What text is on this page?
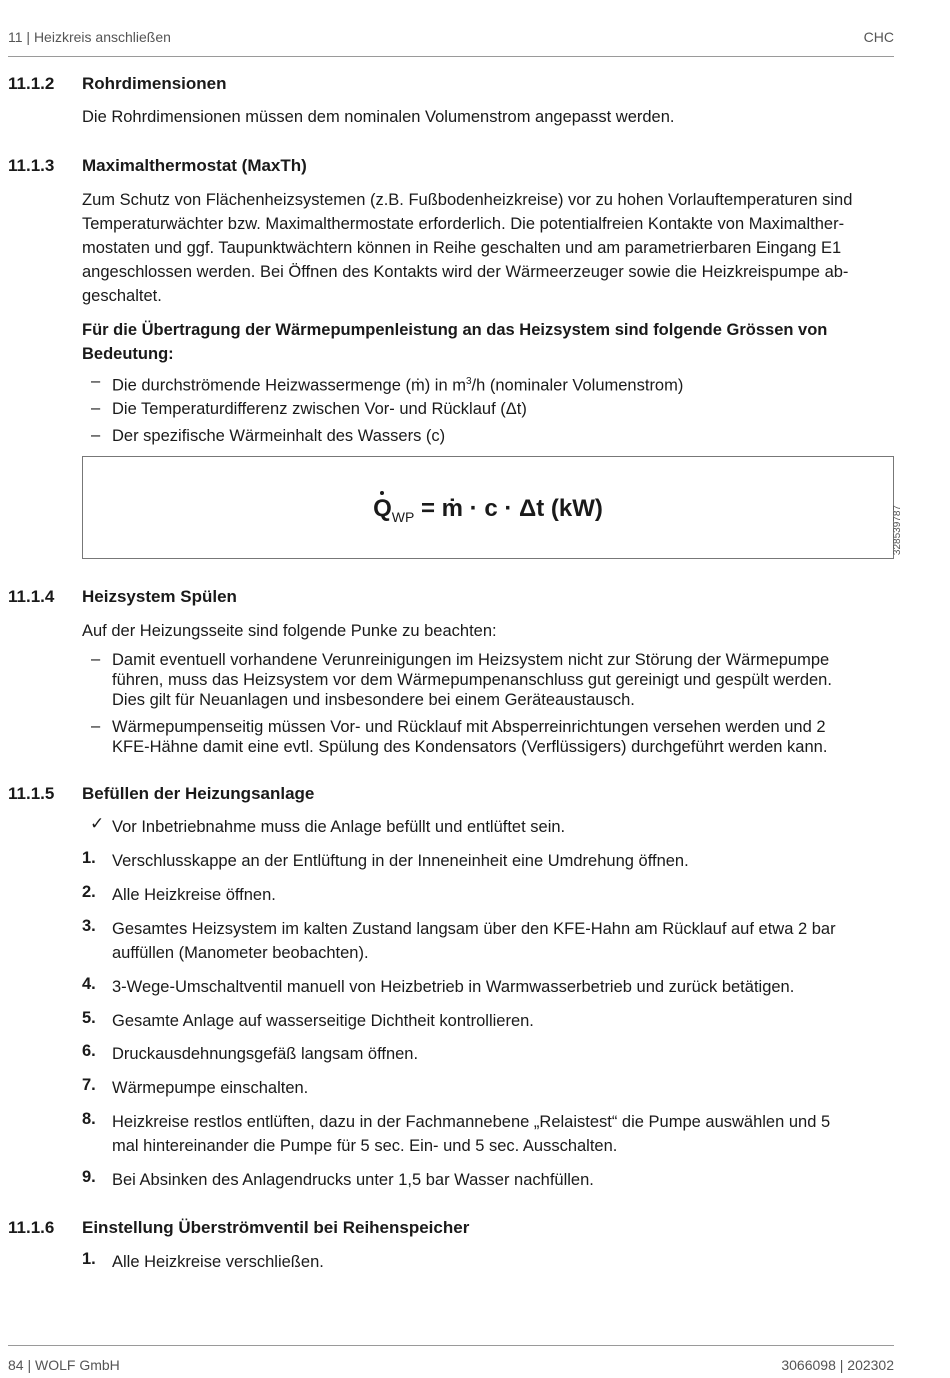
11 | Heizkreis anschließen	CHC
11.1.2 Rohrdimensionen
Die Rohrdimensionen müssen dem nominalen Volumenstrom angepasst werden.
11.1.3 Maximalthermostat (MaxTh)
Zum Schutz von Flächenheizsystemen (z.B. Fußbodenheizkreise) vor zu hohen Vorlauftemperaturen sind
Temperaturwächter bzw. Maximalthermostate erforderlich. Die potentialfreien Kontakte von Maximalther-
mostaten und ggf. Taupunktwächtern können in Reihe geschalten und am parametrierbaren Eingang E1
angeschlossen werden. Bei Öffnen des Kontakts wird der Wärmeerzeuger sowie die Heizkreispumpe ab-
geschaltet.
Für die Übertragung der Wärmepumpenleistung an das Heizsystem sind folgende Grössen von
Bedeutung:
– Die durchströmende Heizwassermenge (ṁ) in $m^3/h$ (nominaler Volumenstrom)
– Die Temperaturdifferenz zwischen Vor- und Rücklauf (Δt)
– Der spezifische Wärmeinhalt des Wassers (c)
$Q_{WP}$ = ṁ · c · Δt (kW)	328539787
11.1.4 Heizsystem Spülen
Auf der Heizungsseite sind folgende Punke zu beachten:
– Damit eventuell vorhandene Verunreinigungen im Heizsystem nicht zur Störung der Wärmepumpe
führen, muss das Heizsystem vor dem Wärmepumpenanschluss gut gereinigt und gespült werden.
Dies gilt für Neuanlagen und insbesondere bei einem Geräteaustausch.
– Wärmepumpenseitig müssen Vor- und Rücklauf mit Absperreinrichtungen versehen werden und 2
KFE-Hähne damit eine evtl. Spülung des Kondensators (Verflüssigers) durchgeführt werden kann.
11.1.5 Befüllen der Heizungsanlage
✓ Vor Inbetriebnahme muss die Anlage befüllt und entlüftet sein.
1. Verschlusskappe an der Entlüftung in der Inneneinheit eine Umdrehung öffnen.
2. Alle Heizkreise öffnen.
3. Gesamtes Heizsystem im kalten Zustand langsam über den KFE-Hahn am Rücklauf auf etwa 2 bar
auffüllen (Manometer beobachten).
4. 3-Wege-Umschaltventil manuell von Heizbetrieb in Warmwasserbetrieb und zurück betätigen.
5. Gesamte Anlage auf wasserseitige Dichtheit kontrollieren.
6. Druckausdehnungsgefäß langsam öffnen.
7. Wärmepumpe einschalten.
8. Heizkreise restlos entlüften, dazu in der Fachmannebene „Relaistest“ die Pumpe auswählen und 5
mal hintereinander die Pumpe für 5 sec. Ein- und 5 sec. Ausschalten.
9. Bei Absinken des Anlagendrucks unter 1,5 bar Wasser nachfüllen.
11.1.6 Einstellung Überströmventil bei Reihenspeicher
1. Alle Heizkreise verschließen.
84 | WOLF GmbH	3066098 | 202302
